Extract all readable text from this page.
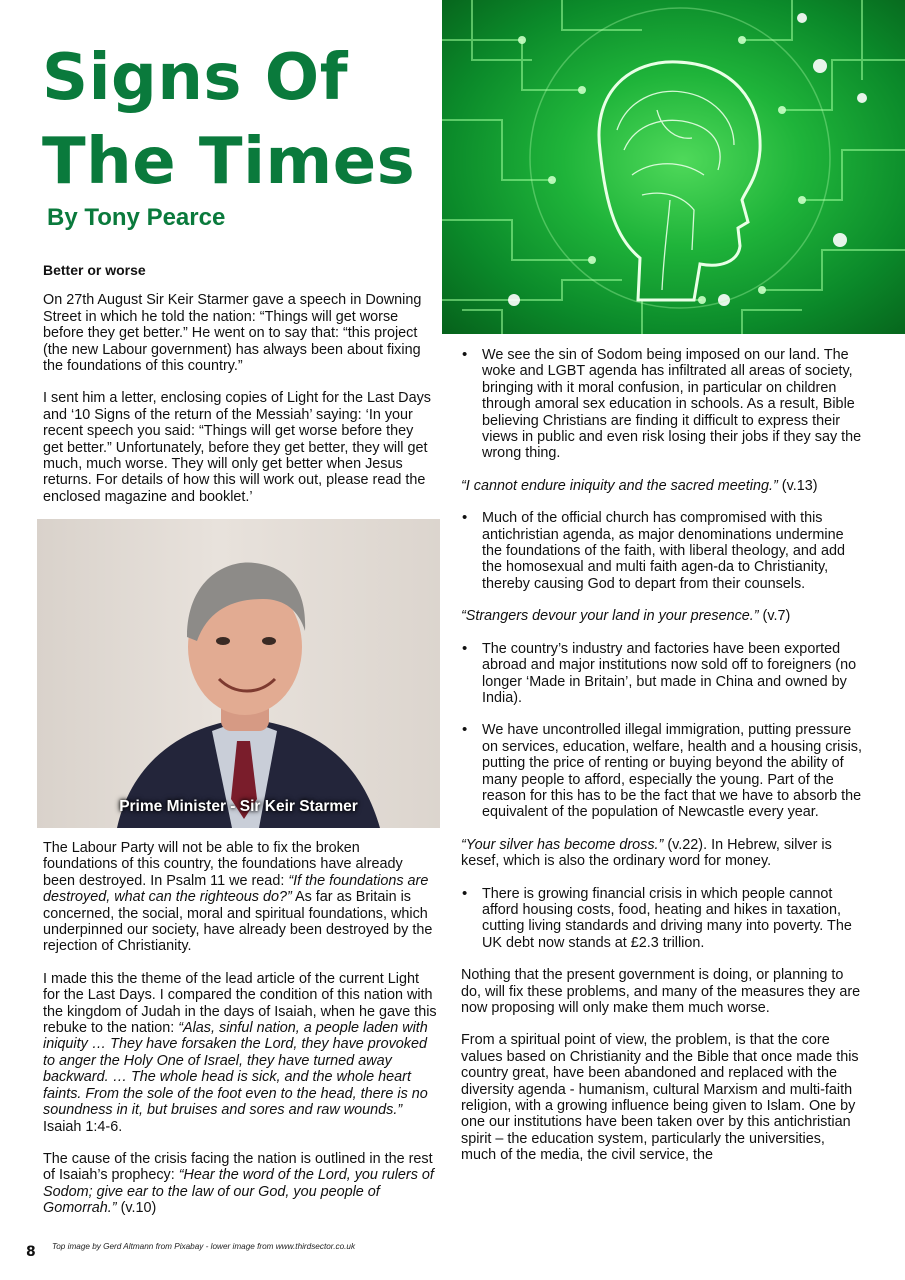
Signs Of
The Times
By Tony Pearce
Better or worse

On 27th August Sir Keir Starmer gave a speech in Downing Street in which he told the nation: “Things will get worse before they get better.” He went on to say that: “this project (the new Labour government) has always been about fixing the foundations of this country.”

I sent him a letter, enclosing copies of Light for the Last Days and ‘10 Signs of the return of the Messiah’ saying: ‘In your recent speech you said: “Things will get worse before they get better.” Unfortunately, before they get better, they will get much, much worse. They will only get better when Jesus returns. For details of how this will work out, please read the enclosed magazine and booklet.’

Prime Minister - Sir Keir Starmer

The Labour Party will not be able to fix the broken foundations of this country, the foundations have already been destroyed. In Psalm 11 we read: “If the foundations are destroyed, what can the righteous do?” As far as Britain is concerned, the social, moral and spiritual foundations, which underpinned our society, have already been destroyed by the rejection of Christianity.

I made this the theme of the lead article of the current Light for the Last Days. I compared the condition of this nation with the kingdom of Judah in the days of Isaiah, when he gave this rebuke to the nation: “Alas, sinful nation, a people laden with iniquity … They have forsaken the Lord, they have provoked to anger the Holy One of Israel, they have turned away backward. … The whole head is sick, and the whole heart faints. From the sole of the foot even to the head, there is no soundness in it, but bruises and sores and raw wounds.” Isaiah 1:4-6.

The cause of the crisis facing the nation is outlined in the rest of Isaiah’s prophecy: “Hear the word of the Lord, you rulers of Sodom; give ear to the law of our God, you people of Gomorrah.” (v.10)

• We see the sin of Sodom being imposed on our land. The woke and LGBT agenda has infiltrated all areas of society, bringing with it moral confusion, in particular on children through amoral sex education in schools. As a result, Bible believing Christians are finding it difficult to express their views in public and even risk losing their jobs if they say the wrong thing.

“I cannot endure iniquity and the sacred meeting.” (v.13)

• Much of the official church has compromised with this antichristian agenda, as major denominations undermine the foundations of the faith, with liberal theology, and add the homosexual and multi faith agen-da to Christianity, thereby causing God to depart from their counsels.

“Strangers devour your land in your presence.” (v.7)

• The country’s industry and factories have been exported abroad and major institutions now sold off to foreigners (no longer ‘Made in Britain’, but made in China and owned by India).
• We have uncontrolled illegal immigration, putting pressure on services, education, welfare, health and a housing crisis, putting the price of renting or buying beyond the ability of many people to afford, especially the young. Part of the reason for this has to be the fact that we have to absorb the equivalent of the population of Newcastle every year.

“Your silver has become dross.” (v.22). In Hebrew, silver is kesef, which is also the ordinary word for money.

• There is growing financial crisis in which people cannot afford housing costs, food, heating and hikes in taxation, cutting living standards and driving many into poverty. The UK debt now stands at £2.3 trillion.

Nothing that the present government is doing, or planning to do, will fix these problems, and many of the measures they are now proposing will only make them much worse.

From a spiritual point of view, the problem, is that the core values based on Christianity and the Bible that once made this country great, have been abandoned and replaced with the diversity agenda - humanism, cultural Marxism and multi-faith religion, with a growing influence being given to Islam. One by one our institutions have been taken over by this antichristian spirit – the education system, particularly the universities, much of the media, the civil service, the

8 Top image by Gerd Altmann from Pixabay - lower image from www.thirdsector.co.uk
